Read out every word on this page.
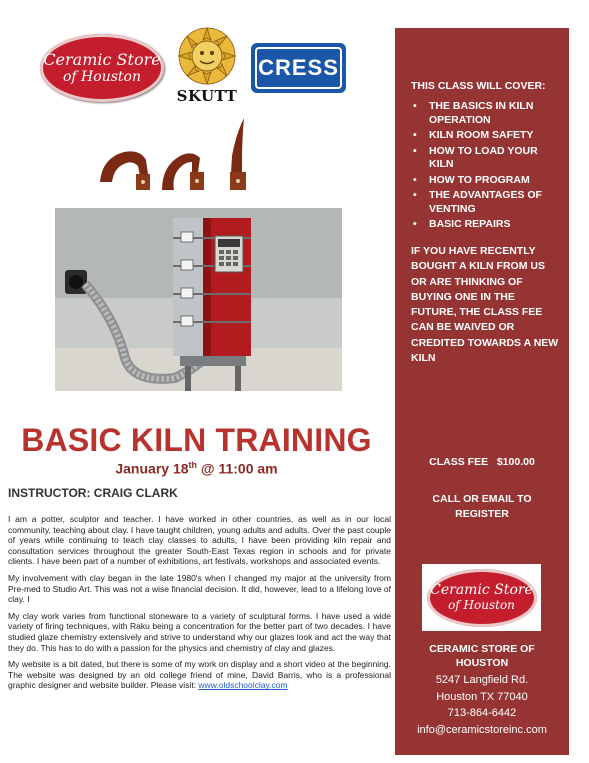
Ceramic Store
of Houston
SKUTT
CRESS
BASIC KILN TRAINING
January 18th @ 11:00 am
INSTRUCTOR: CRAIG CLARK

I am a potter, sculptor and teacher. I have worked in other countries, as well as in our local community, teaching about clay. I have taught children, young adults and adults. Over the past couple of years while continuing to teach clay classes to adults, I have been providing kiln repair and consultation services throughout the greater South-East Texas region in schools and for private clients. I have been part of a number of exhibitions, art festivals, workshops and associated events.

My involvement with clay began in the late 1980's when I changed my major at the university from Pre-med to Studio Art. This was not a wise financial decision. It did, however, lead to a lifelong love of clay. I

My clay work varies from functional stoneware to a variety of sculptural forms. I have used a wide variety of firing techniques, with Raku being a concentration for the better part of two decades. I have studied glaze chemistry extensively and strive to understand why our glazes look and act the way that they do. This has to do with a passion for the physics and chemistry of clay and glazes.

My website is a bit dated, but there is some of my work on display and a short video at the beginning. The website was designed by an old college friend of mine, David Barris, who is a professional graphic designer and website builder. Please visit: www.oldschoolclay.com

THIS CLASS WILL COVER:
• THE BASICS IN KILN OPERATION
• KILN ROOM SAFETY
• HOW TO LOAD YOUR KILN
• HOW TO PROGRAM
• THE ADVANTAGES OF VENTING
• BASIC REPAIRS
IF YOU HAVE RECENTLY BOUGHT A KILN FROM US OR ARE THINKING OF BUYING ONE IN THE FUTURE, THE CLASS FEE CAN BE WAIVED OR CREDITED TOWARDS A NEW KILN
CLASS FEE   $100.00
CALL OR EMAIL TO REGISTER
Ceramic Store
of Houston
CERAMIC STORE OF HOUSTON
5247 Langfield Rd.
Houston TX 77040
713-864-6442
info@ceramicstoreinc.com
